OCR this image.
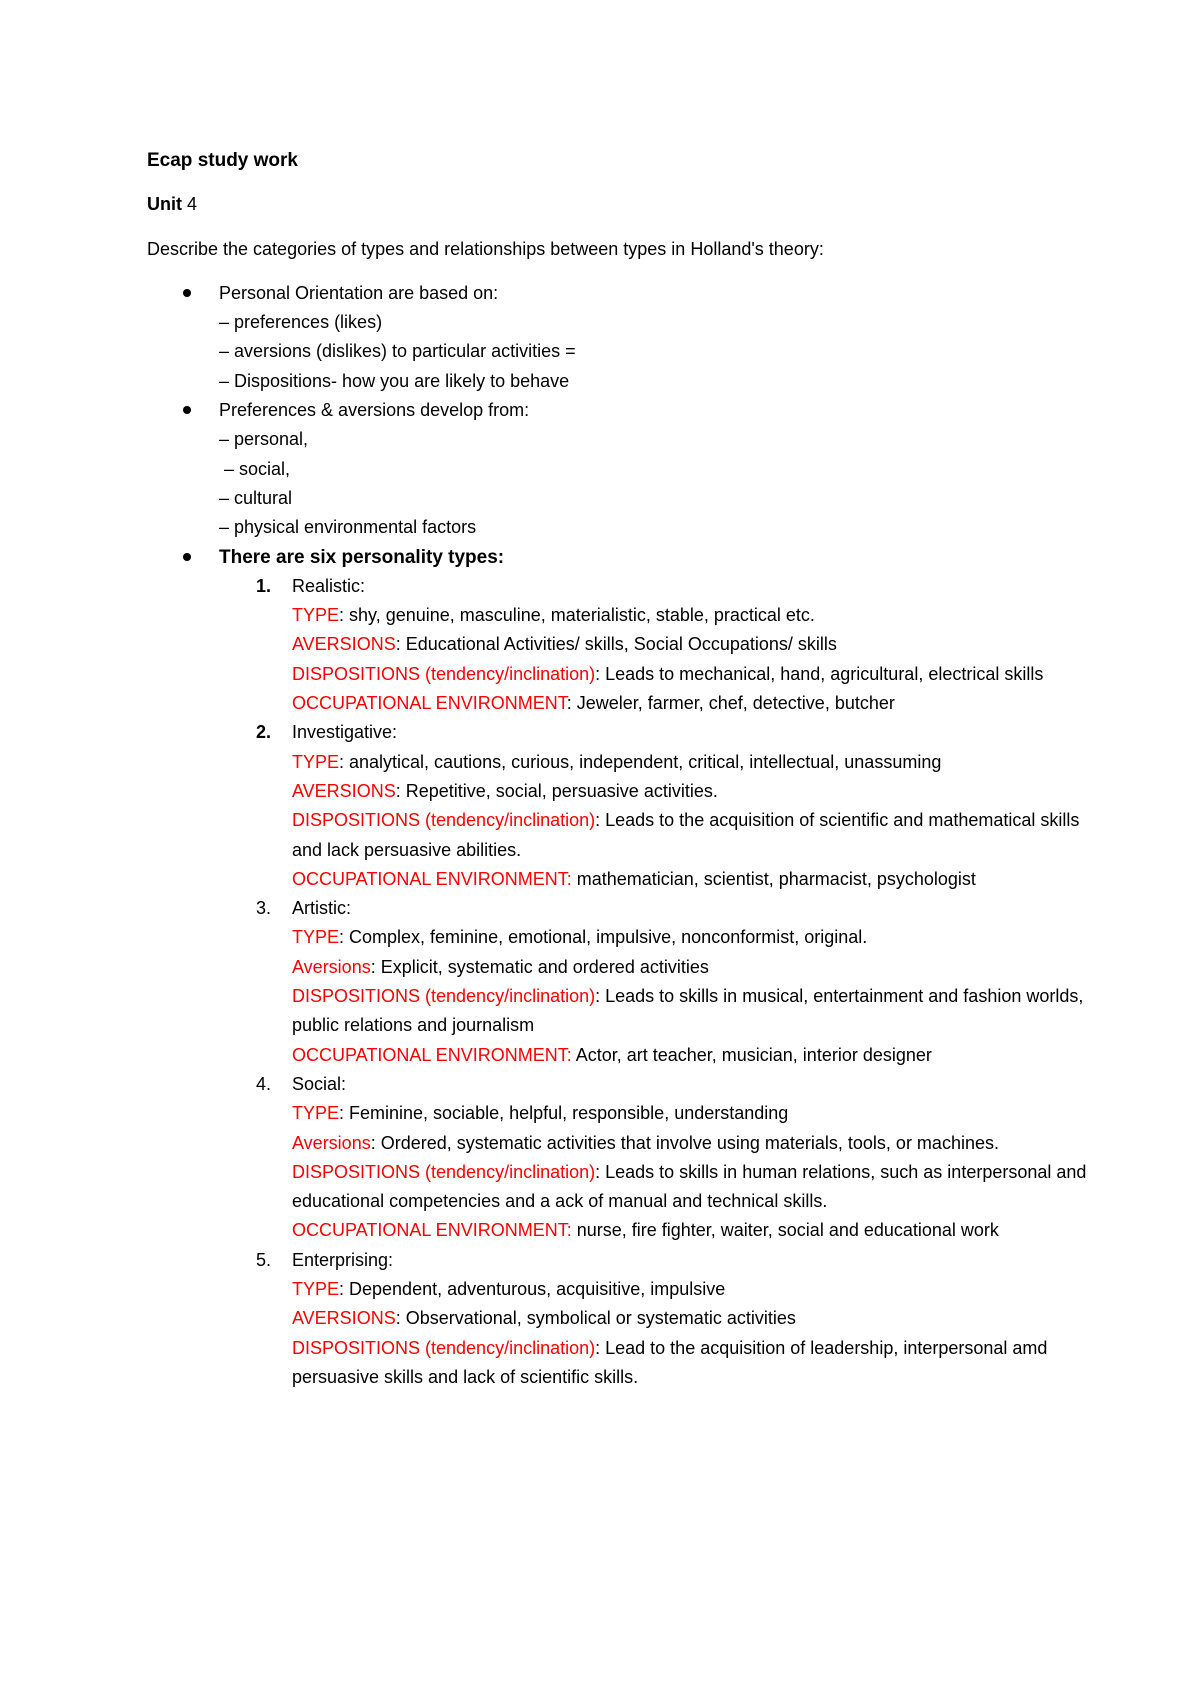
Ecap study work
Unit 4
Describe the categories of types and relationships between types in Holland's theory:
Personal Orientation are based on:
– preferences (likes)
– aversions (dislikes) to particular activities =
– Dispositions- how you are likely to behave
Preferences & aversions develop from:
– personal,
– social,
– cultural
– physical environmental factors
There are six personality types:
1. Realistic:
TYPE: shy, genuine, masculine, materialistic, stable, practical etc.
AVERSIONS: Educational Activities/ skills, Social Occupations/ skills
DISPOSITIONS (tendency/inclination): Leads to mechanical, hand, agricultural, electrical skills
OCCUPATIONAL ENVIRONMENT: Jeweler, farmer, chef, detective, butcher
2. Investigative:
TYPE: analytical, cautions, curious, independent, critical, intellectual, unassuming
AVERSIONS: Repetitive, social, persuasive activities.
DISPOSITIONS (tendency/inclination): Leads to the acquisition of scientific and mathematical skills and lack persuasive abilities.
OCCUPATIONAL ENVIRONMENT: mathematician, scientist, pharmacist, psychologist
3. Artistic:
TYPE: Complex, feminine, emotional, impulsive, nonconformist, original.
Aversions: Explicit, systematic and ordered activities
DISPOSITIONS (tendency/inclination): Leads to skills in musical, entertainment and fashion worlds, public relations and journalism
OCCUPATIONAL ENVIRONMENT: Actor, art teacher, musician, interior designer
4. Social:
TYPE: Feminine, sociable, helpful, responsible, understanding
Aversions: Ordered, systematic activities that involve using materials, tools, or machines.
DISPOSITIONS (tendency/inclination): Leads to skills in human relations, such as interpersonal and educational competencies and a ack of manual and technical skills.
OCCUPATIONAL ENVIRONMENT: nurse, fire fighter, waiter, social and educational work
5. Enterprising:
TYPE: Dependent, adventurous, acquisitive, impulsive
AVERSIONS: Observational, symbolical or systematic activities
DISPOSITIONS (tendency/inclination): Lead to the acquisition of leadership, interpersonal amd persuasive skills and lack of scientific skills.
